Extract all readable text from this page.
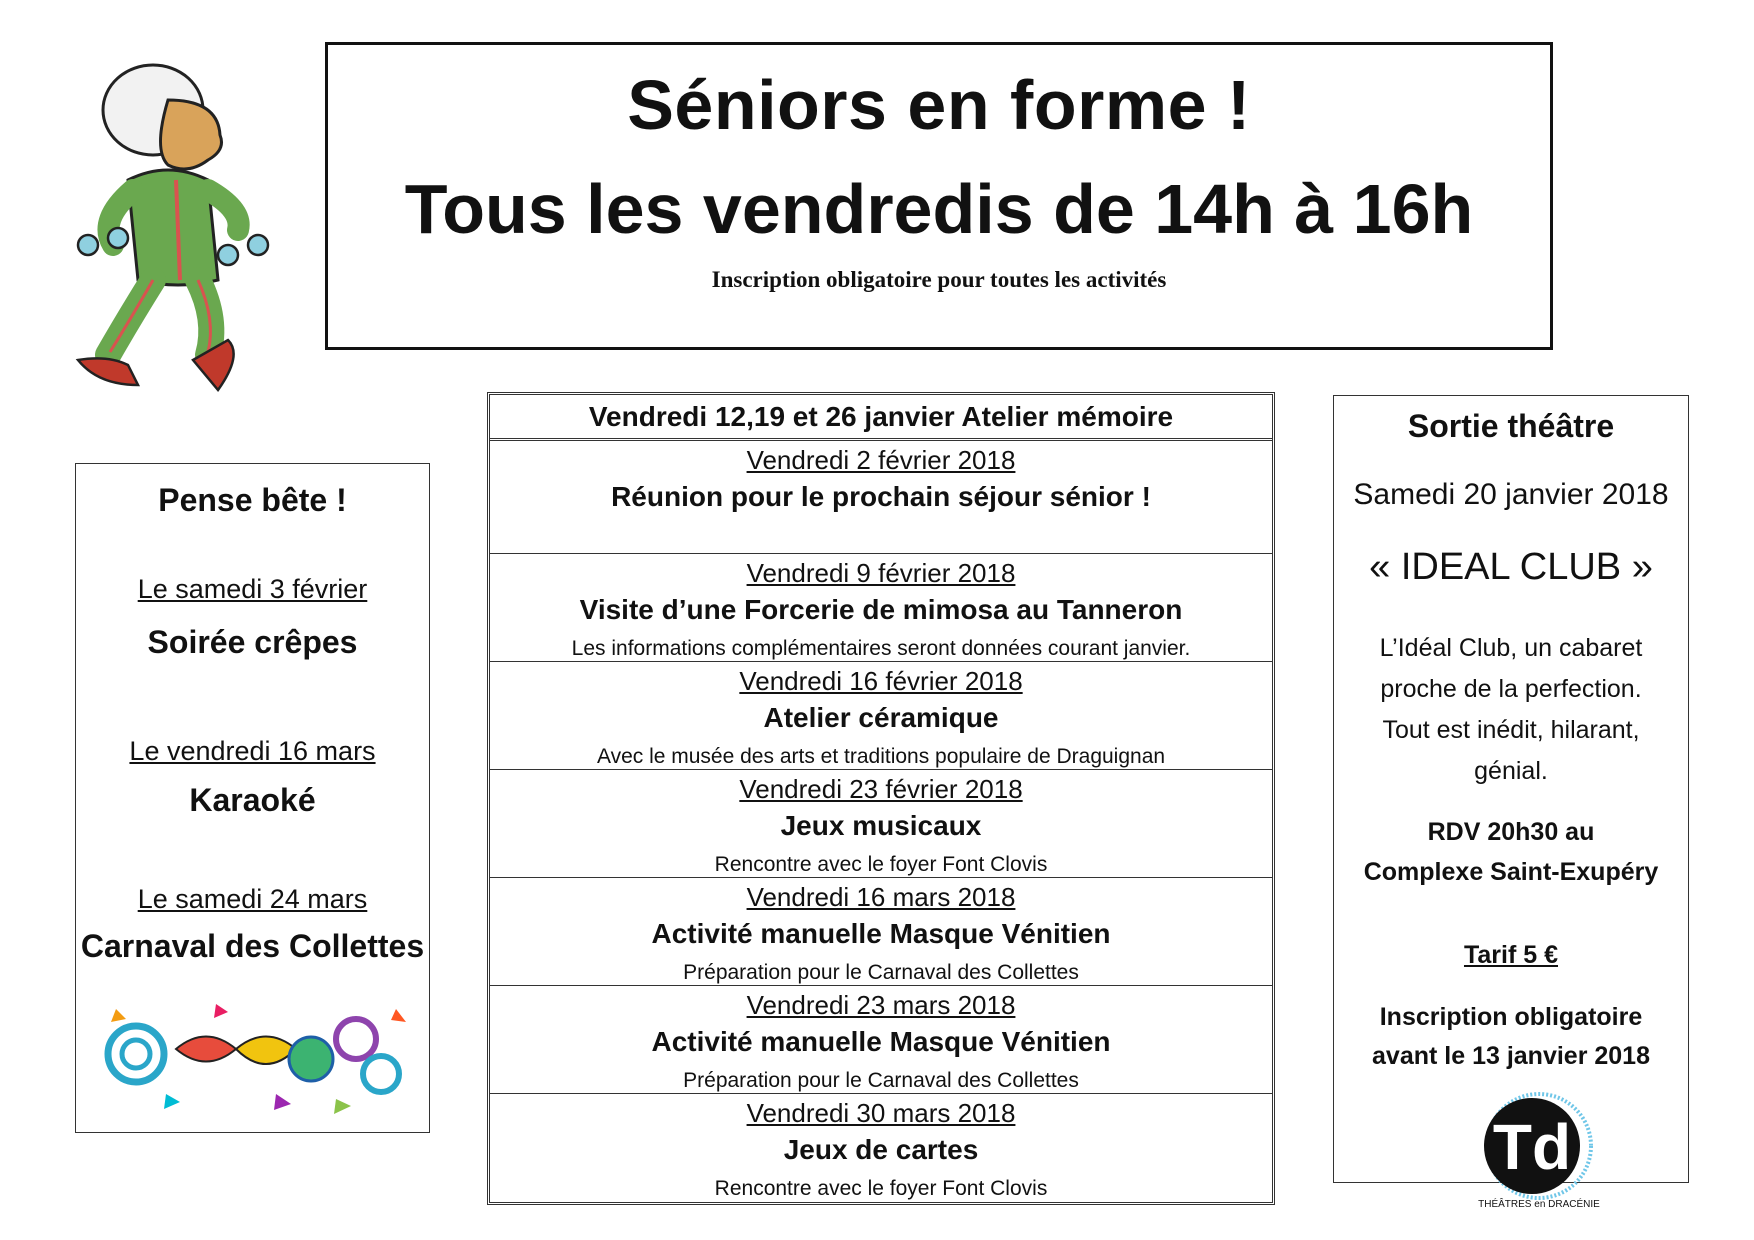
Séniors en forme !
Tous les vendredis de 14h à 16h
Inscription obligatoire pour toutes les activités
Pense bête !
Le samedi 3 février
Soirée crêpes
Le vendredi 16 mars
Karaoké
Le samedi 24 mars
Carnaval des Collettes
Vendredi 12,19 et 26 janvier Atelier mémoire
Vendredi 2 février 2018
Réunion pour le prochain séjour sénior !
Vendredi 9 février 2018
Visite d’une Forcerie de mimosa au Tanneron
Les informations complémentaires seront données courant janvier.
Vendredi 16 février 2018
Atelier céramique
Avec le musée des arts et traditions populaire de Draguignan
Vendredi 23 février 2018
Jeux musicaux
Rencontre avec le foyer Font Clovis
Vendredi 16 mars 2018
Activité manuelle Masque Vénitien
Préparation pour le Carnaval des Collettes
Vendredi 23 mars 2018
Activité manuelle Masque Vénitien
Préparation pour le Carnaval des Collettes
Vendredi 30 mars 2018
Jeux de cartes
Rencontre avec le foyer Font Clovis
Sortie théâtre
Samedi 20 janvier 2018
« IDEAL CLUB »
L’Idéal Club, un cabaret
proche de la perfection.
Tout est inédit, hilarant,
génial.
RDV 20h30 au
Complexe Saint-Exupéry
Tarif 5 €
Inscription obligatoire
avant le 13 janvier 2018
Td
THÉÂTRES en DRACÉNIE
